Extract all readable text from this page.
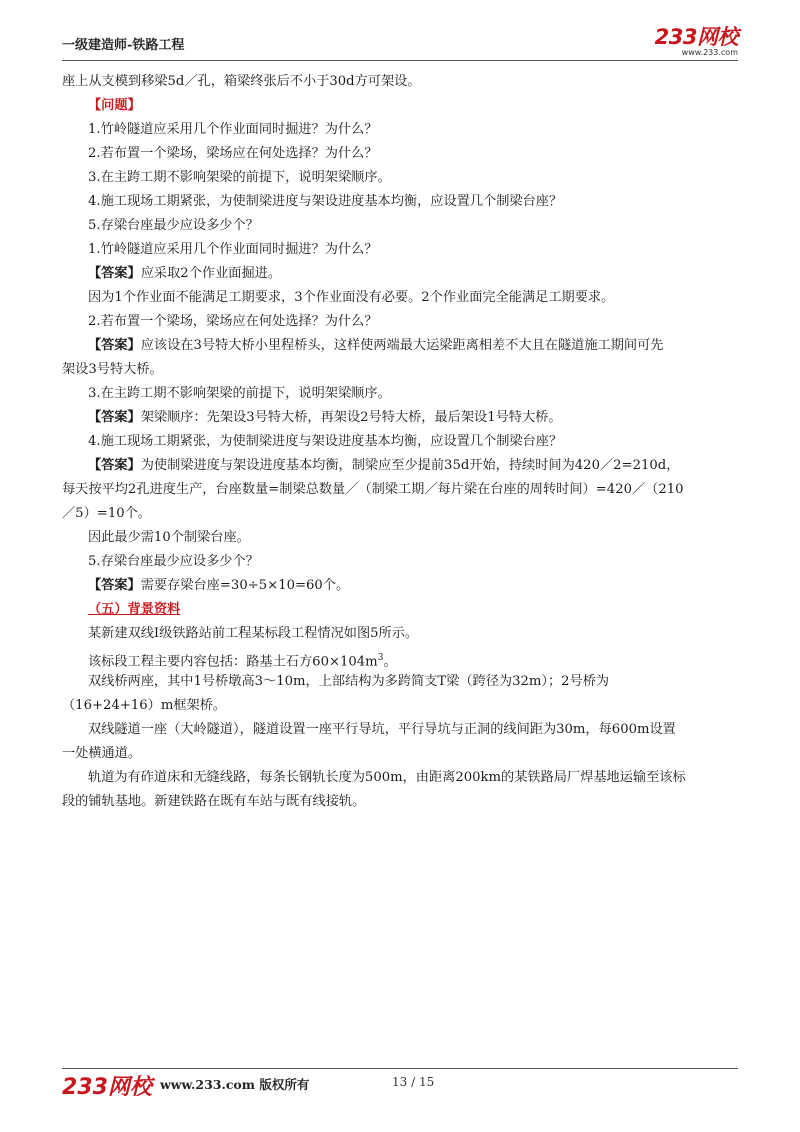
一级建造师-铁路工程	233网校
www.233.com
座上从支模到移梁5d／孔，箱梁终张后不小于30d方可架设。
【问题】
1.竹岭隧道应采用几个作业面同时掘进？为什么？
2.若布置一个梁场，梁场应在何处选择？为什么？
3.在主跨工期不影响架梁的前提下，说明架梁顺序。
4.施工现场工期紧张，为使制梁进度与架设进度基本均衡，应设置几个制梁台座？
5.存梁台座最少应设多少个？
1.竹岭隧道应采用几个作业面同时掘进？为什么？
【答案】应采取2个作业面掘进。
因为1个作业面不能满足工期要求，3个作业面没有必要。2个作业面完全能满足工期要求。
2.若布置一个梁场，梁场应在何处选择？为什么？
【答案】应该设在3号特大桥小里程桥头，这样使两端最大运梁距离相差不大且在隧道施工期间可先
架设3号特大桥。
3.在主跨工期不影响架梁的前提下，说明架梁顺序。
【答案】架梁顺序：先架设3号特大桥，再架设2号特大桥，最后架设1号特大桥。
4.施工现场工期紧张，为使制梁进度与架设进度基本均衡，应设置几个制梁台座？
【答案】为使制梁进度与架设进度基本均衡，制梁应至少提前35d开始，持续时间为420／2=210d，
每天按平均2孔进度生产，台座数量=制梁总数量／（制梁工期／每片梁在台座的周转时间）=420／（210
／5）=10个。
因此最少需10个制梁台座。
5.存梁台座最少应设多少个？
【答案】需要存梁台座=30÷5×10=60个。
（五）背景资料
某新建双线Ⅰ级铁路站前工程某标段工程情况如图5所示。
该标段工程主要内容包括：路基土石方$60\times 104m^3$。
双线桥两座，其中1号桥墩高3～10m，上部结构为多跨简支T梁（跨径为32m）；2号桥为
（16+24+16）m框架桥。
双线隧道一座（大岭隧道），隧道设置一座平行导坑，平行导坑与正洞的线间距为30m，每600m设置
一处横通道。
轨道为有砟道床和无缝线路，每条长钢轨长度为500m，由距离200km的某铁路局厂焊基地运输至该标
段的铺轨基地。新建铁路在既有车站与既有线接轨。
233网校 www.233.com 版权所有	13 / 15
